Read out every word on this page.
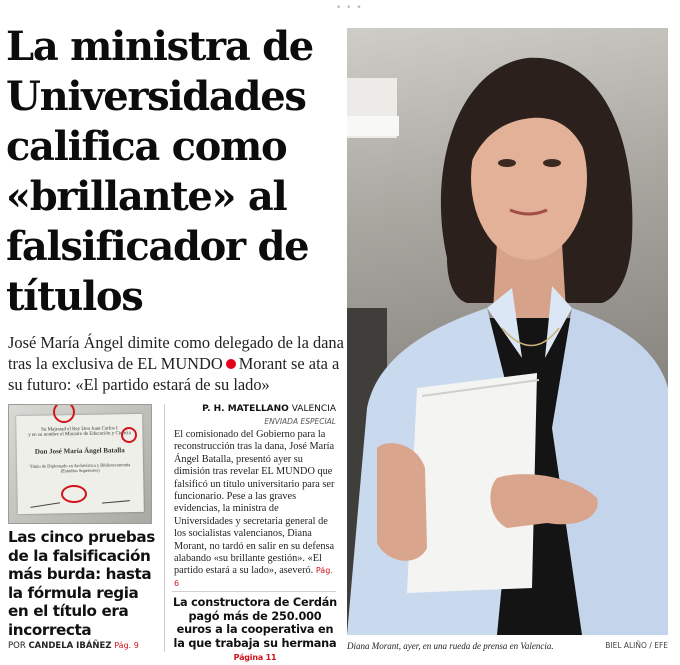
• • •
La ministra de Universidades califica como «brillante» al falsificador de títulos

José María Ángel dimite como delegado de la dana tras la exclusiva de EL MUNDO Morant se ata a su futuro: «El partido estará de su lado»

Su Majestad el Rey Don Juan Carlos I
y en su nombre el Ministro de Educación y Ciencia
Don José María Ángel Batalla
Título de Diplomado en Archivística y Biblioteconomía
(Estudios Superiores)
Las cinco pruebas de la falsificación más burda: hasta la fórmula regia en el título era incorrecta
POR CANDELA IBÁÑEZ Pág. 9
P. H. MATELLANO VALENCIA
ENVIADA ESPECIAL

El comisionado del Gobierno para la reconstrucción tras la dana, José María Ángel Batalla, presentó ayer su dimisión tras revelar EL MUNDO que falsificó un título universitario para ser funcionario. Pese a las graves evidencias, la ministra de Universidades y secretaria general de los socialistas valencianos, Diana Morant, no tardó en salir en su defensa alabando «su brillante gestión». «El partido estará a su lado», aseveró. Pág. 6

La constructora de Cerdán pagó más de 250.000 euros a la cooperativa en la que trabaja su hermana Página 11

Diana Morant, ayer, en una rueda de prensa en Valencia.	BIEL ALIÑO / EFE
